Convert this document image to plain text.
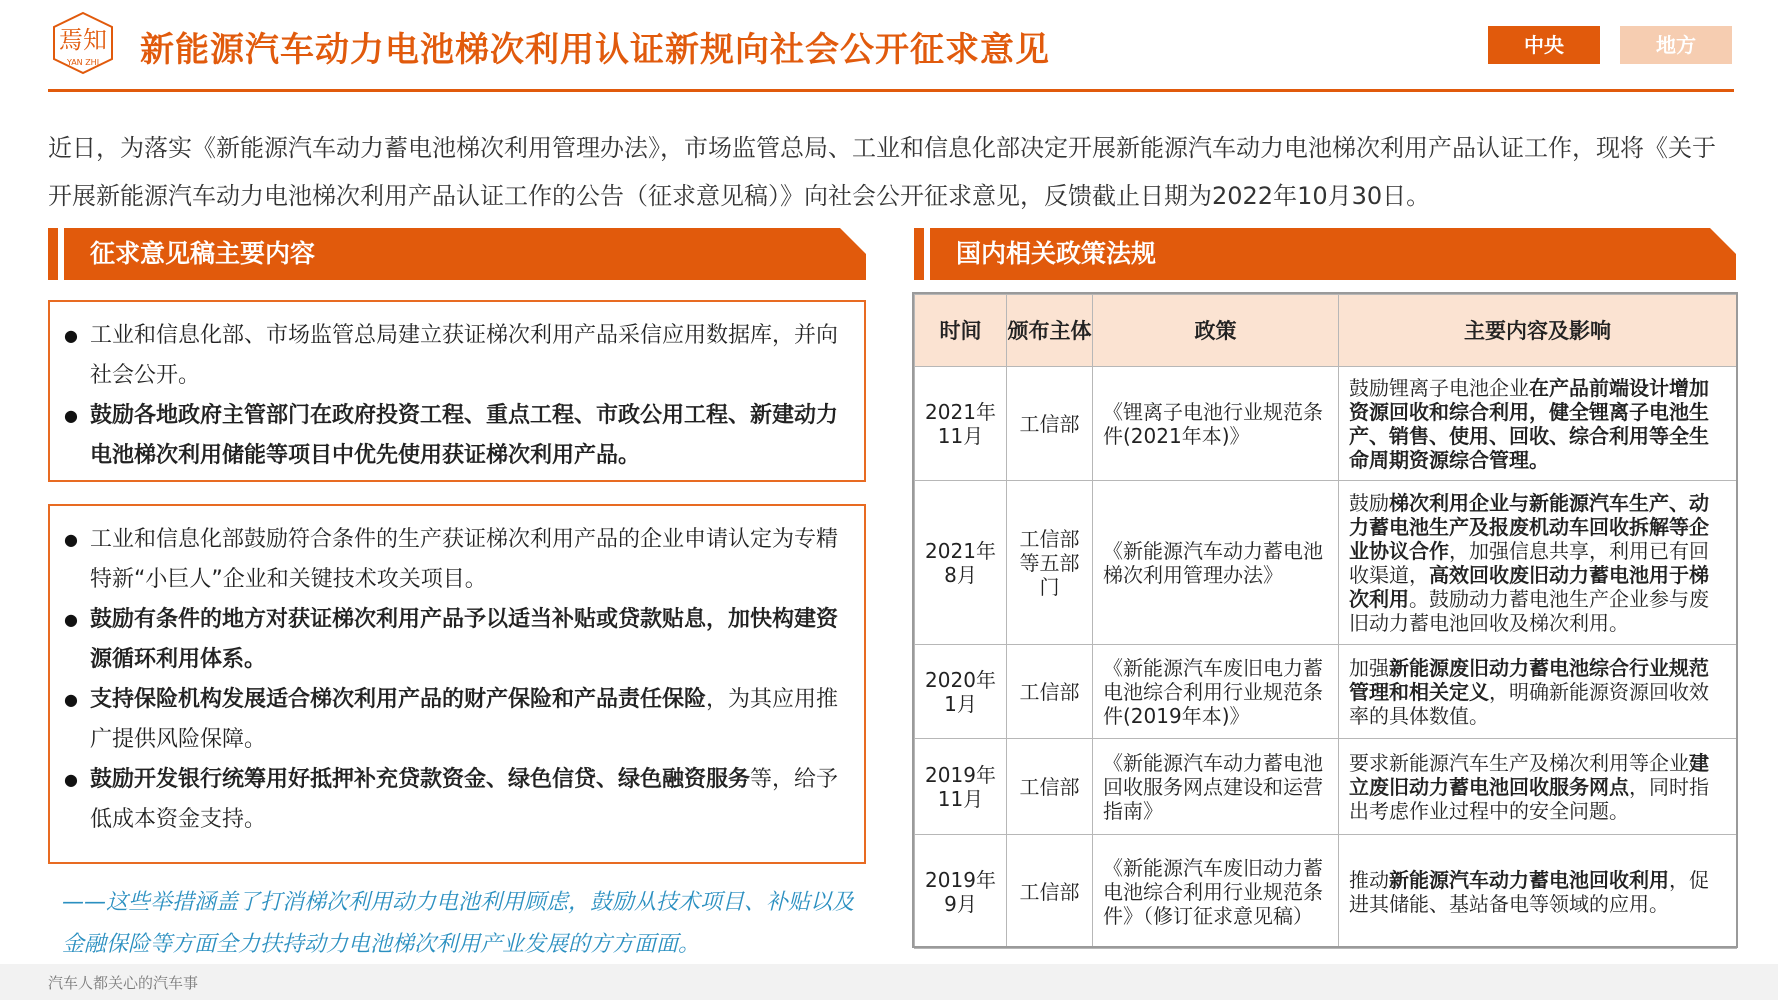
焉知
YAN ZHI 新能源汽车动力电池梯次利用认证新规向社会公开征求意见	中央	地方
近日，为落实《新能源汽车动力蓄电池梯次利用管理办法》，市场监管总局、工业和信息化部决定开展新能源汽车动力电池梯次利用产品认证工作，现将《关于开展新能源汽车动力电池梯次利用产品认证工作的公告（征求意见稿）》向社会公开征求意见，反馈截止日期为2022年10月30日。
征求意见稿主要内容	国内相关政策法规
● 工业和信息化部、市场监管总局建立获证梯次利用产品采信应用数据库，并向社会公开。
● 鼓励各地政府主管部门在政府投资工程、重点工程、市政公用工程、新建动力电池梯次利用储能等项目中优先使用获证梯次利用产品。
● 工业和信息化部鼓励符合条件的生产获证梯次利用产品的企业申请认定为专精特新“小巨人”企业和关键技术攻关项目。
● 鼓励有条件的地方对获证梯次利用产品予以适当补贴或贷款贴息，加快构建资源循环利用体系。
● 支持保险机构发展适合梯次利用产品的财产保险和产品责任保险，为其应用推广提供风险保障。
● 鼓励开发银行统筹用好抵押补充贷款资金、绿色信贷、绿色融资服务等，给予低成本资金支持。
——这些举措涵盖了打消梯次利用动力电池利用顾虑，鼓励从技术项目、补贴以及金融保险等方面全力扶持动力电池梯次利用产业发展的方方面面。
时间	颁布主体	政策	主要内容及影响
2021年11月	工信部	《锂离子电池行业规范条件(2021年本)》	鼓励锂离子电池企业在产品前端设计增加资源回收和综合利用，健全锂离子电池生产、销售、使用、回收、综合利用等全生命周期资源综合管理。
2021年8月	工信部等五部门	《新能源汽车动力蓄电池梯次利用管理办法》	鼓励梯次利用企业与新能源汽车生产、动力蓄电池生产及报废机动车回收拆解等企业协议合作，加强信息共享，利用已有回收渠道，高效回收废旧动力蓄电池用于梯次利用。鼓励动力蓄电池生产企业参与废旧动力蓄电池回收及梯次利用。
2020年1月	工信部	《新能源汽车废旧电力蓄电池综合利用行业规范条件(2019年本)》	加强新能源废旧动力蓄电池综合行业规范管理和相关定义，明确新能源资源回收效率的具体数值。
2019年11月	工信部	《新能源汽车动力蓄电池回收服务网点建设和运营指南》	要求新能源汽车生产及梯次利用等企业建立废旧动力蓄电池回收服务网点，同时指出考虑作业过程中的安全问题。
2019年9月	工信部	《新能源汽车废旧动力蓄电池综合利用行业规范条件》（修订征求意见稿）	推动新能源汽车动力蓄电池回收利用，促进其储能、基站备电等领域的应用。
汽车人都关心的汽车事
